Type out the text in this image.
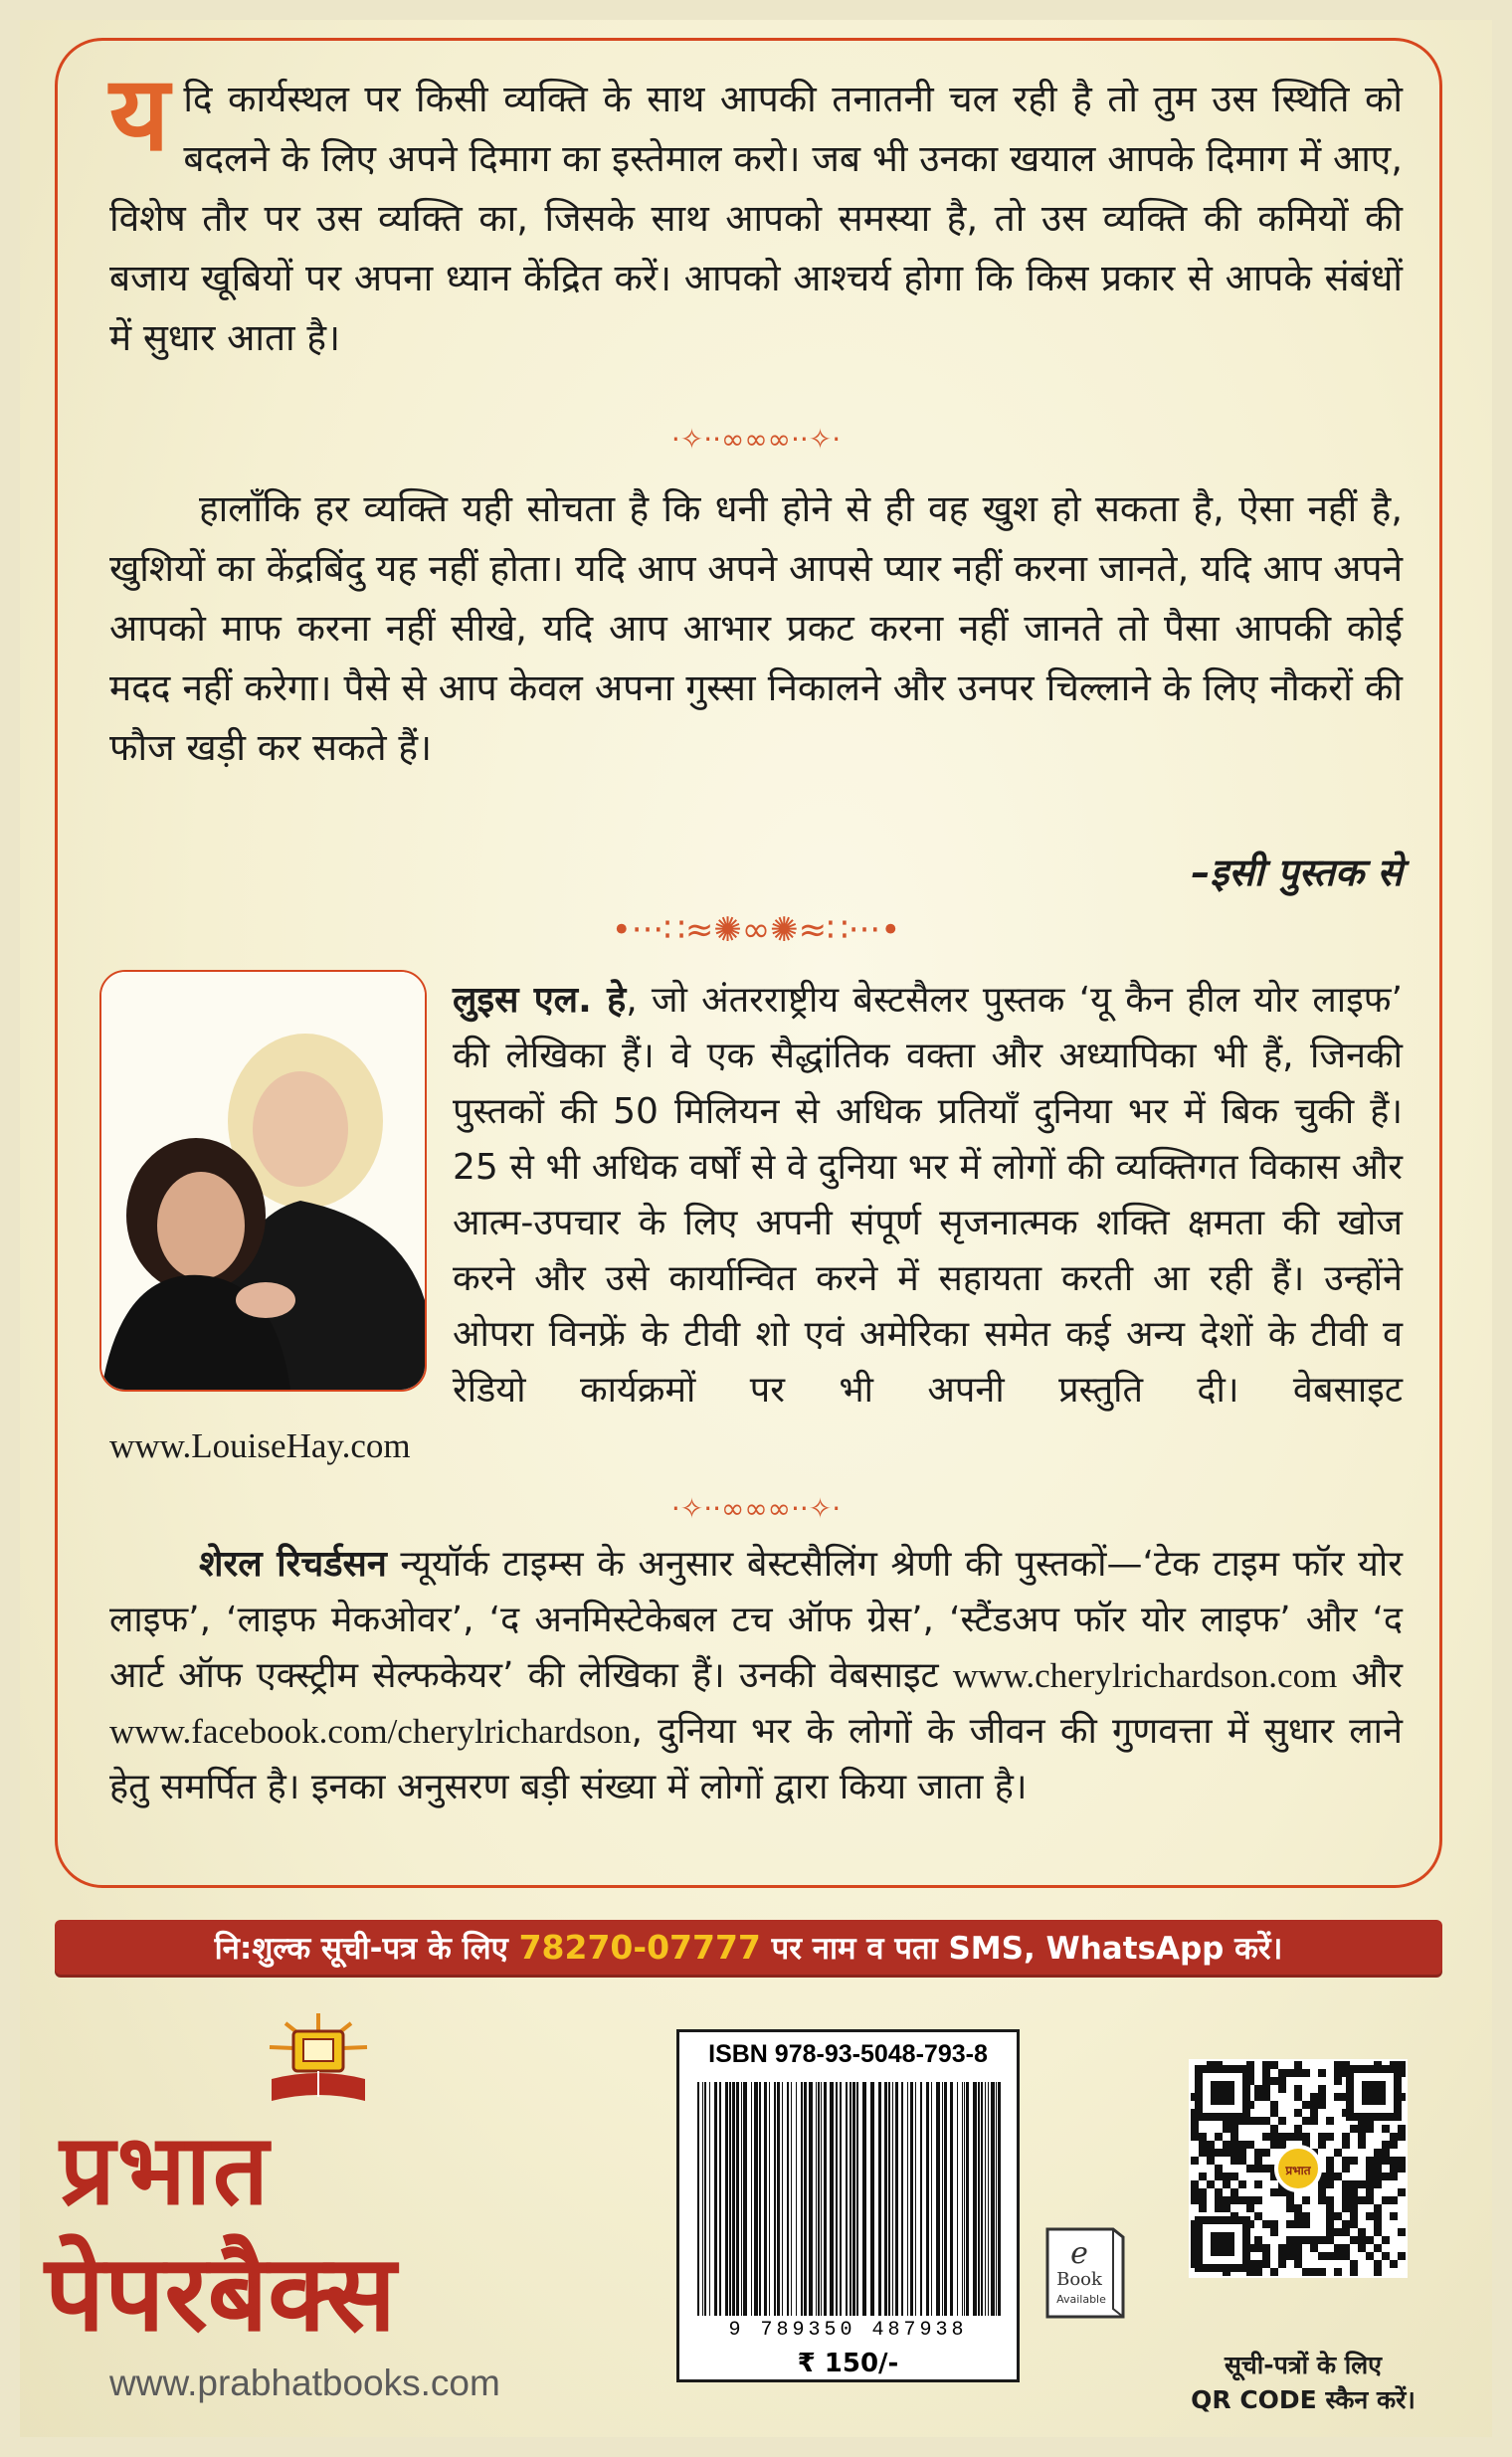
यदि कार्यस्थल पर किसी व्यक्ति के साथ आपकी तनातनी चल रही है तो तुम उस स्थिति को बदलने के लिए अपने दिमाग का इस्तेमाल करो। जब भी उनका खयाल आपके दिमाग में आए, विशेष तौर पर उस व्यक्ति का, जिसके साथ आपको समस्या है, तो उस व्यक्ति की कमियों की बजाय खूबियों पर अपना ध्यान केंद्रित करें। आपको आश्चर्य होगा कि किस प्रकार से आपके संबंधों में सुधार आता है।
·✧··∞∞∞··✧·
हालाँकि हर व्यक्ति यही सोचता है कि धनी होने से ही वह खुश हो सकता है, ऐसा नहीं है, खुशियों का केंद्रबिंदु यह नहीं होता। यदि आप अपने आपसे प्यार नहीं करना जानते, यदि आप अपने आपको माफ करना नहीं सीखे, यदि आप आभार प्रकट करना नहीं जानते तो पैसा आपकी कोई मदद नहीं करेगा। पैसे से आप केवल अपना गुस्सा निकालने और उनपर चिल्लाने के लिए नौकरों की फौज खड़ी कर सकते हैं।
–इसी पुस्तक से
•···∷≈✺∞✺≈∷···•
लुइस एल. हे, जो अंतरराष्ट्रीय बेस्टसैलर पुस्तक ‘यू कैन हील योर लाइफ’ की लेखिका हैं। वे एक सैद्धांतिक वक्ता और अध्यापिका भी हैं, जिनकी पुस्तकों की 50 मिलियन से अधिक प्रतियाँ दुनिया भर में बिक चुकी हैं। 25 से भी अधिक वर्षों से वे दुनिया भर में लोगों की व्यक्तिगत विकास और आत्म-उपचार के लिए अपनी संपूर्ण सृजनात्मक शक्ति क्षमता की खोज करने और उसे कार्यान्वित करने में सहायता करती आ रही हैं। उन्होंने ओपरा विनफ्रें के टीवी शो एवं अमेरिका समेत कई अन्य देशों के टीवी व रेडियो कार्यक्रमों पर भी अपनी प्रस्तुति दी। वेबसाइट www.LouiseHay.com
·✧··∞∞∞··✧·
शेरल रिचर्डसन न्यूयॉर्क टाइम्स के अनुसार बेस्टसैलिंग श्रेणी की पुस्तकों—‘टेक टाइम फॉर योर लाइफ’, ‘लाइफ मेकओवर’, ‘द अनमिस्टेकेबल टच ऑफ ग्रेस’, ‘स्टैंडअप फॉर योर लाइफ’ और ‘द आर्ट ऑफ एक्स्ट्रीम सेल्फकेयर’ की लेखिका हैं। उनकी वेबसाइट www.cherylrichardson.com और www.facebook.com/cherylrichardson, दुनिया भर के लोगों के जीवन की गुणवत्ता में सुधार लाने हेतु समर्पित है। इनका अनुसरण बड़ी संख्या में लोगों द्वारा किया जाता है।
नि:शुल्क सूची-पत्र के लिए 78270-07777 पर नाम व पता SMS, WhatsApp करें।
प्रभात
पेपरबैक्स
www.prabhatbooks.com
ISBN 978-93-5048-793-8
9 789350 487938
₹ 150/-
e
Book
Available
प्रभात
सूची-पत्रों के लिए
QR CODE स्कैन करें।
